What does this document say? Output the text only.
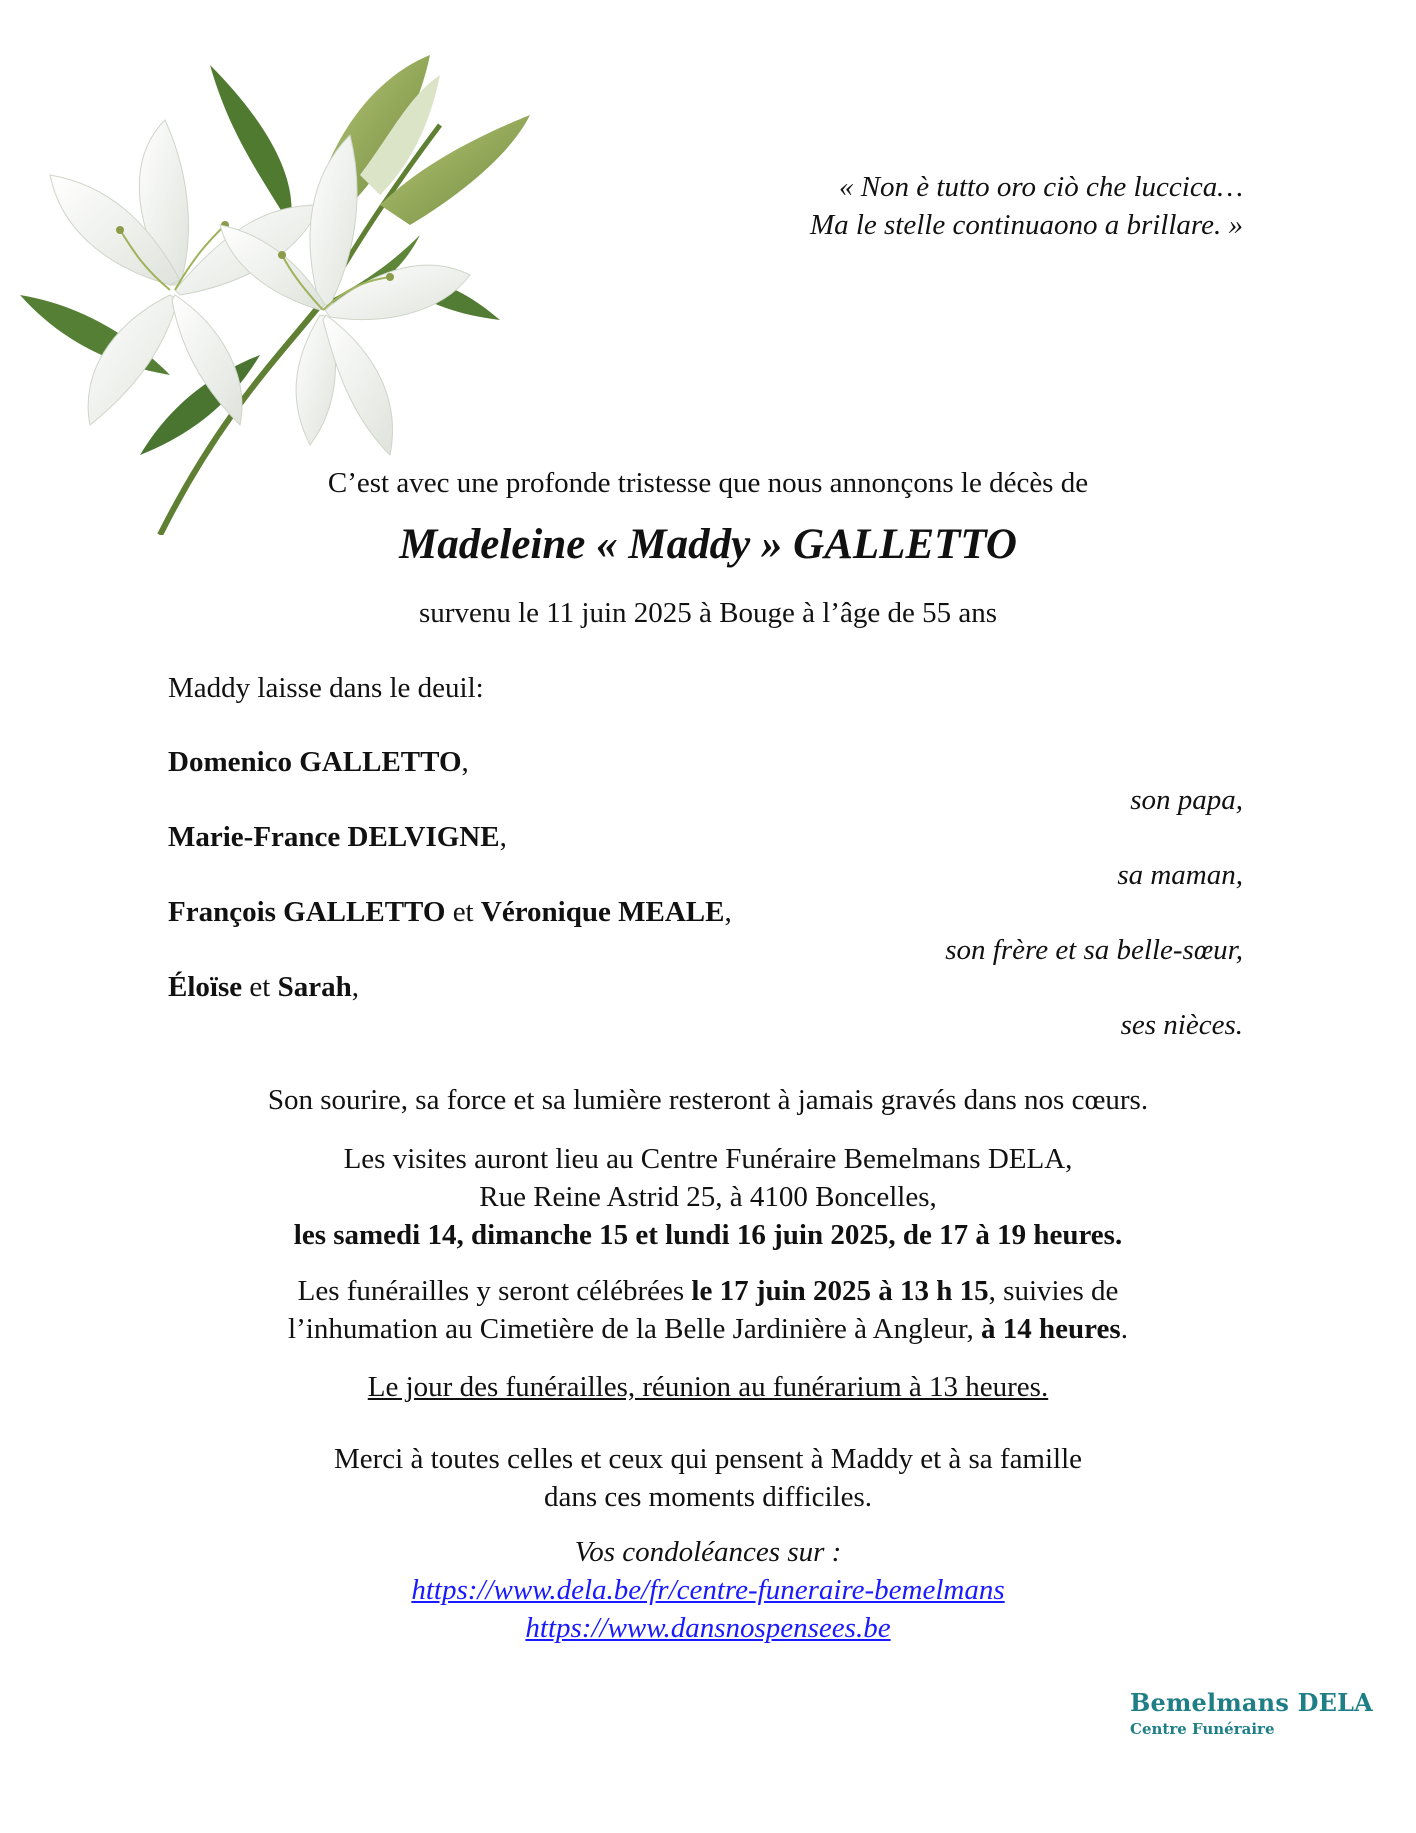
« Non è tutto oro ciò che luccica…
Ma le stelle continuaono a brillare. »
C’est avec une profonde tristesse que nous annonçons le décès de
Madeleine « Maddy » GALLETTO
survenu le 11 juin 2025 à Bouge à l’âge de 55 ans
Maddy laisse dans le deuil:
Domenico GALLETTO,
son papa,
Marie-France DELVIGNE,
sa maman,
François GALLETTO et Véronique MEALE,
son frère et sa belle-sœur,
Éloïse et Sarah,
ses nièces.
Son sourire, sa force et sa lumière resteront à jamais gravés dans nos cœurs.
Les visites auront lieu au Centre Funéraire Bemelmans DELA,
Rue Reine Astrid 25, à 4100 Boncelles,
les samedi 14, dimanche 15 et lundi 16 juin 2025, de 17 à 19 heures.
Les funérailles y seront célébrées le 17 juin 2025 à 13 h 15, suivies de
l’inhumation au Cimetière de la Belle Jardinière à Angleur, à 14 heures.
Le jour des funérailles, réunion au funérarium à 13 heures.
Merci à toutes celles et ceux qui pensent à Maddy et à sa famille
dans ces moments difficiles.
Vos condoléances sur :
https://www.dela.be/fr/centre-funeraire-bemelmans
https://www.dansnospensees.be
Bemelmans DELA
Centre Funéraire
